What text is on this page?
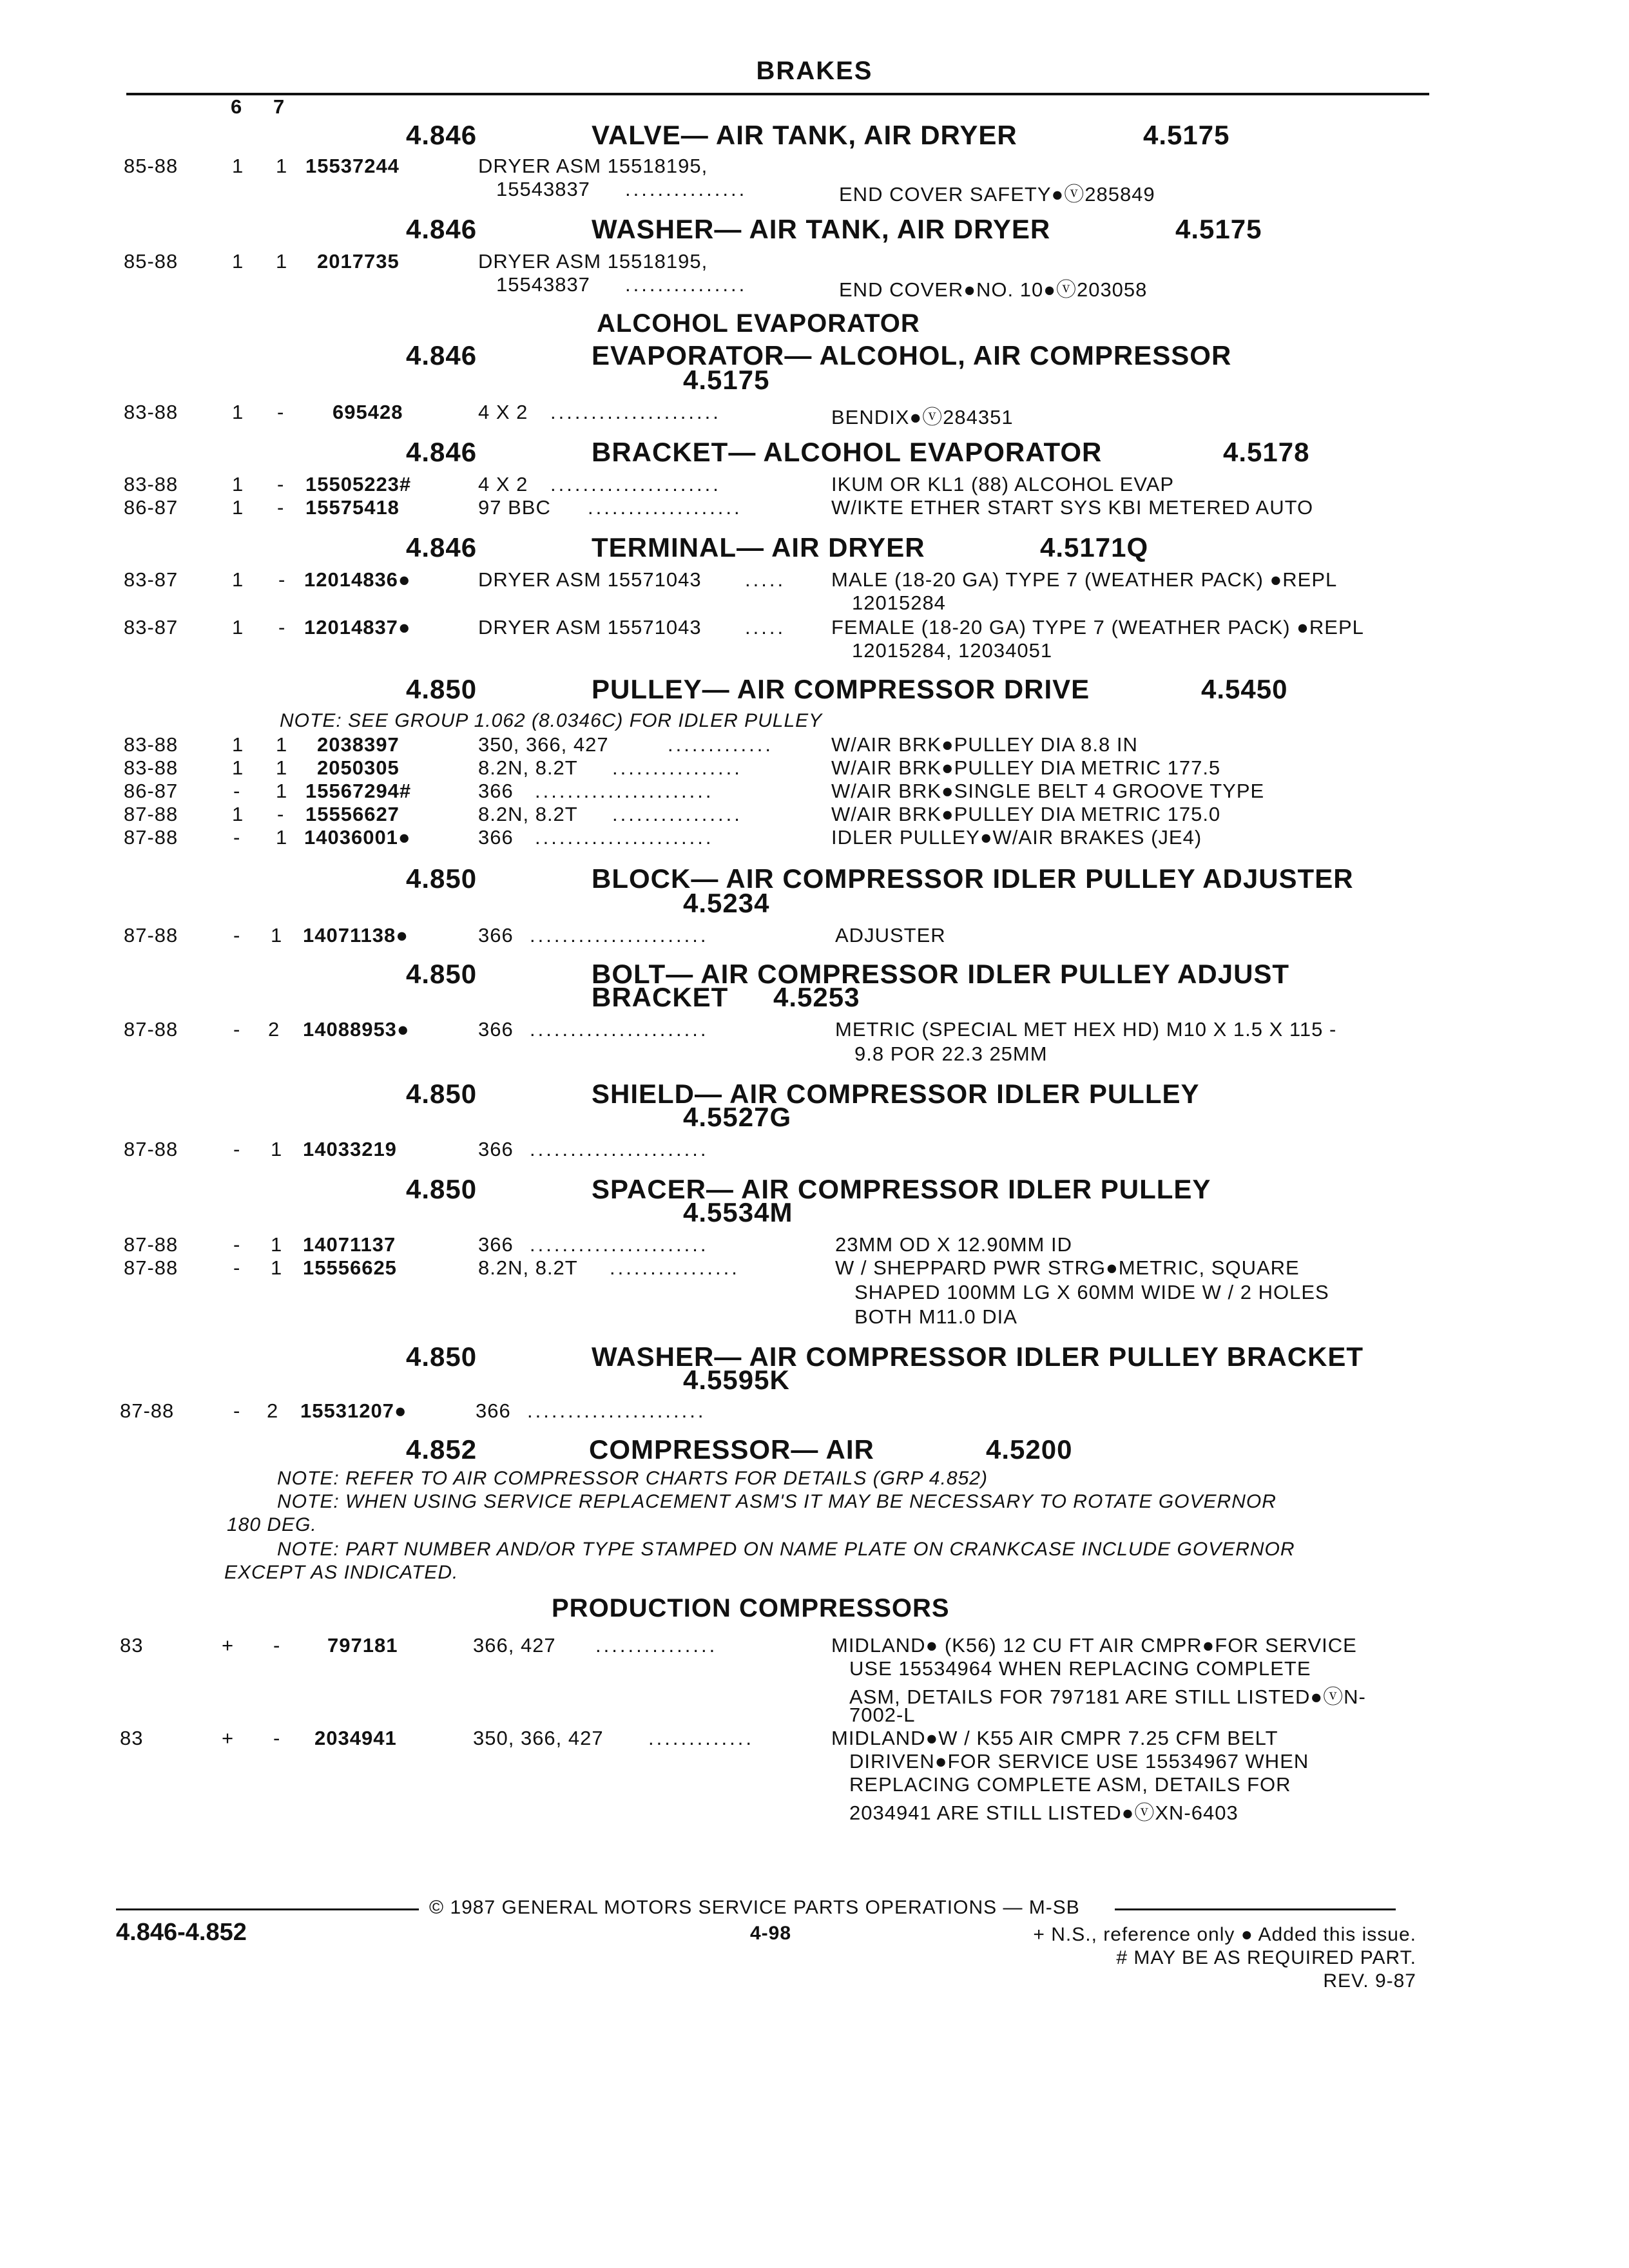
BRAKES
6 7
4.846	VALVE— AIR TANK, AIR DRYER	4.5175
85-88	1 1 15537244	DRYER ASM 15518195,
15543837 ...............	END COVER SAFETY●ⓥ285849
4.846	WASHER— AIR TANK, AIR DRYER	4.5175
85-88	1 1 2017735	DRYER ASM 15518195,
15543837 ...............	END COVER●NO. 10●ⓥ203058
ALCOHOL EVAPORATOR
4.846	EVAPORATOR— ALCOHOL, AIR COMPRESSOR
4.5175
83-88	1 - 695428	4 X 2 .....................	BENDIX●ⓥ284351
4.846	BRACKET— ALCOHOL EVAPORATOR	4.5178
83-88	1 - 15505223#	4 X 2 .....................	IKUM OR KL1 (88) ALCOHOL EVAP
86-87	1 - 15575418	97 BBC ...................	W/IKTE ETHER START SYS KBI METERED AUTO
4.846	TERMINAL— AIR DRYER	4.5171Q
83-87	1 - 12014836●	DRYER ASM 15571043 ..... MALE (18-20 GA) TYPE 7 (WEATHER PACK) ●REPL
12015284
83-87	1 - 12014837●	DRYER ASM 15571043 ..... FEMALE (18-20 GA) TYPE 7 (WEATHER PACK) ●REPL
12015284, 12034051
4.850	PULLEY— AIR COMPRESSOR DRIVE	4.5450
NOTE: SEE GROUP 1.062 (8.0346C) FOR IDLER PULLEY
83-88	1 1 2038397	350, 366, 427	.............	W/AIR BRK●PULLEY DIA 8.8 IN
83-88	1 1 2050305	8.2N, 8.2T ................	W/AIR BRK●PULLEY DIA METRIC 177.5
86-87	- 1 15567294#	366 ......................	W/AIR BRK●SINGLE BELT 4 GROOVE TYPE
87-88	1 - 15556627	8.2N, 8.2T ................	W/AIR BRK●PULLEY DIA METRIC 175.0
87-88	- 1 14036001●	366 ......................	IDLER PULLEY●W/AIR BRAKES (JE4)
4.850	BLOCK— AIR COMPRESSOR IDLER PULLEY ADJUSTER
4.5234
87-88	- 1 14071138●	366 ......................	ADJUSTER
4.850	BOLT— AIR COMPRESSOR IDLER PULLEY ADJUST
BRACKET 4.5253
87-88	- 2 14088953●	366 ......................	METRIC (SPECIAL MET HEX HD) M10 X 1.5 X 115 -
9.8 POR 22.3 25MM
4.850	SHIELD— AIR COMPRESSOR IDLER PULLEY
4.5527G
87-88	- 1 14033219	366 ......................
4.850	SPACER— AIR COMPRESSOR IDLER PULLEY
4.5534M
87-88	- 1 14071137	366 ......................	23MM OD X 12.90MM ID
87-88	- 1 15556625	8.2N, 8.2T ................	W / SHEPPARD PWR STRG●METRIC, SQUARE
SHAPED 100MM LG X 60MM WIDE W / 2 HOLES
BOTH M11.0 DIA
4.850	WASHER— AIR COMPRESSOR IDLER PULLEY BRACKET
4.5595K
87-88	- 2 15531207●	366 ......................
4.852	COMPRESSOR— AIR	4.5200
NOTE: REFER TO AIR COMPRESSOR CHARTS FOR DETAILS (GRP 4.852)
NOTE: WHEN USING SERVICE REPLACEMENT ASM'S IT MAY BE NECESSARY TO ROTATE GOVERNOR
180 DEG.
NOTE: PART NUMBER AND/OR TYPE STAMPED ON NAME PLATE ON CRANKCASE INCLUDE GOVERNOR
EXCEPT AS INDICATED.
PRODUCTION COMPRESSORS
83	+ - 797181	366, 427 ...............	MIDLAND● (K56) 12 CU FT AIR CMPR●FOR SERVICE
USE 15534964 WHEN REPLACING COMPLETE
ASM, DETAILS FOR 797181 ARE STILL LISTED●ⓥN-
7002-L
83	+ - 2034941	350, 366, 427 .............	MIDLAND●W / K55 AIR CMPR 7.25 CFM BELT
DIRIVEN●FOR SERVICE USE 15534967 WHEN
REPLACING COMPLETE ASM, DETAILS FOR
2034941 ARE STILL LISTED●ⓥXN-6403
© 1987 GENERAL MOTORS SERVICE PARTS OPERATIONS — M-SB
4.846-4.852	4-98	+ N.S., reference only ● Added this issue.
# MAY BE AS REQUIRED PART.
REV. 9-87
